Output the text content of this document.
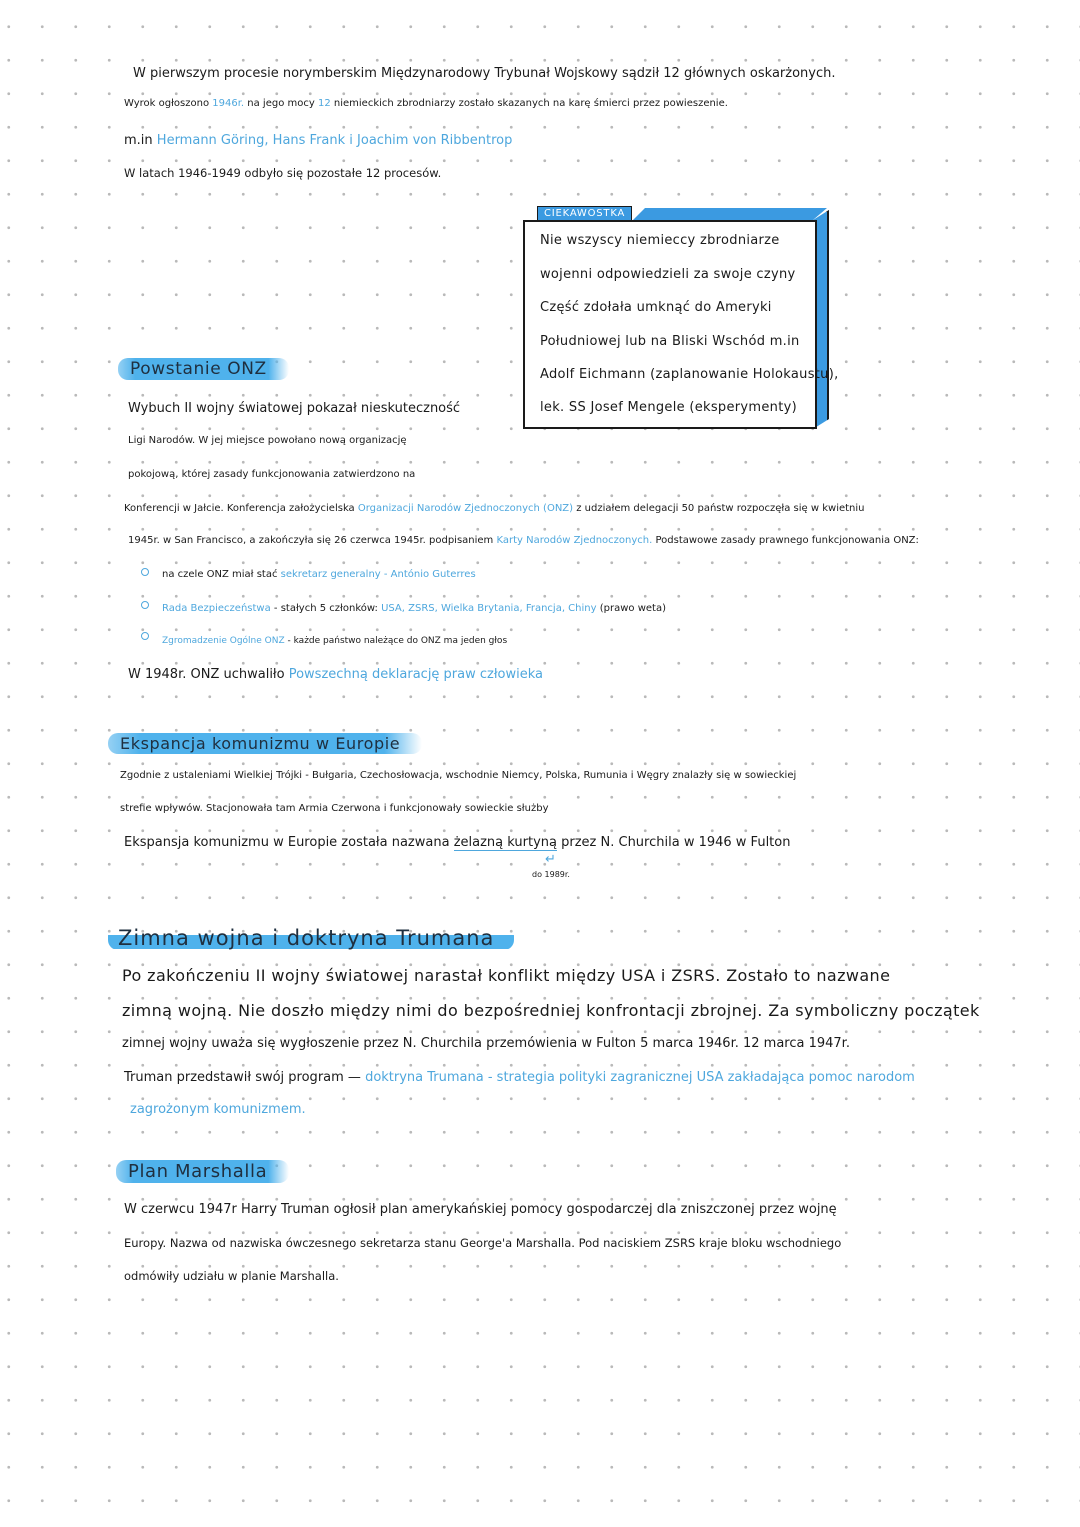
W pierwszym procesie norymberskim Międzynarodowy Trybunał Wojskowy sądził 12 głównych oskarżonych.
Wyrok ogłoszono 1946r. na jego mocy 12 niemieckich zbrodniarzy zostało skazanych na karę śmierci przez powieszenie.
m.in Hermann Göring, Hans Frank i Joachim von Ribbentrop
W latach 1946-1949 odbyło się pozostałe 12 procesów.
CIEKAWOSTKA
Nie wszyscy niemieccy zbrodniarze
wojenni odpowiedzieli za swoje czyny
Część zdołała umknąć do Ameryki
Południowej lub na Bliski Wschód m.in
Adolf Eichmann (zaplanowanie Holokaustu),
lek. SS Josef Mengele (eksperymenty)
Powstanie ONZ
Wybuch II wojny światowej pokazał nieskuteczność
Ligi Narodów. W jej miejsce powołano nową organizację
pokojową, której zasady funkcjonowania zatwierdzono na
Konferencji w Jałcie. Konferencja założycielska Organizacji Narodów Zjednoczonych (ONZ) z udziałem delegacji 50 państw rozpoczęła się w kwietniu
1945r. w San Francisco, a zakończyła się 26 czerwca 1945r. podpisaniem Karty Narodów Zjednoczonych. Podstawowe zasady prawnego funkcjonowania ONZ:
na czele ONZ miał stać sekretarz generalny - António Guterres
Rada Bezpieczeństwa - stałych 5 członków: USA, ZSRS, Wielka Brytania, Francja, Chiny (prawo weta)
Zgromadzenie Ogólne ONZ - każde państwo należące do ONZ ma jeden głos
W 1948r. ONZ uchwaliło Powszechną deklarację praw człowieka
Ekspancja komunizmu w Europie
Zgodnie z ustaleniami Wielkiej Trójki - Bułgaria, Czechosłowacja, wschodnie Niemcy, Polska, Rumunia i Węgry znalazły się w sowieckiej
strefie wpływów. Stacjonowała tam Armia Czerwona i funkcjonowały sowieckie służby
Ekspansja komunizmu w Europie została nazwana żelazną kurtyną przez N. Churchila w 1946 w Fulton
↵
do 1989r.
Zimna wojna i doktryna Trumana
Po zakończeniu II wojny światowej narastał konflikt między USA i ZSRS. Zostało to nazwane
zimną wojną. Nie doszło między nimi do bezpośredniej konfrontacji zbrojnej. Za symboliczny początek
zimnej wojny uważa się wygłoszenie przez N. Churchila przemówienia w Fulton 5 marca 1946r. 12 marca 1947r.
Truman przedstawił swój program — doktryna Trumana - strategia polityki zagranicznej USA zakładająca pomoc narodom
zagrożonym komunizmem.
Plan Marshalla
W czerwcu 1947r Harry Truman ogłosił plan amerykańskiej pomocy gospodarczej dla zniszczonej przez wojnę
Europy. Nazwa od nazwiska ówczesnego sekretarza stanu George'a Marshalla. Pod naciskiem ZSRS kraje bloku wschodniego
odmówiły udziału w planie Marshalla.
